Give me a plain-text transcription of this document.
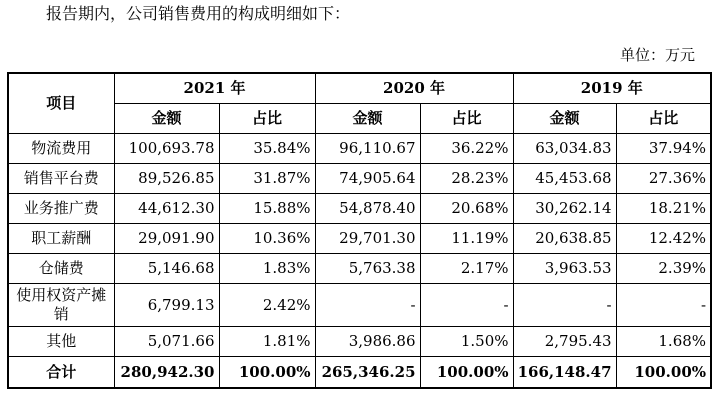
报告期内，公司销售费用的构成明细如下：
单位：万元
项目	2021 年		2020 年		2019 年	
	金额	占比	金额	占比	金额	占比
物流费用	100,693.78	35.84%	96,110.67	36.22%	63,034.83	37.94%
销售平台费	89,526.85	31.87%	74,905.64	28.23%	45,453.68	27.36%
业务推广费	44,612.30	15.88%	54,878.40	20.68%	30,262.14	18.21%
职工薪酬	29,091.90	10.36%	29,701.30	11.19%	20,638.85	12.42%
仓储费	5,146.68	1.83%	5,763.38	2.17%	3,963.53	2.39%
使用权资产摊销	6,799.13	2.42%	-	-	-	-
其他	5,071.66	1.81%	3,986.86	1.50%	2,795.43	1.68%
合计	280,942.30	100.00%	265,346.25	100.00%	166,148.47	100.00%
